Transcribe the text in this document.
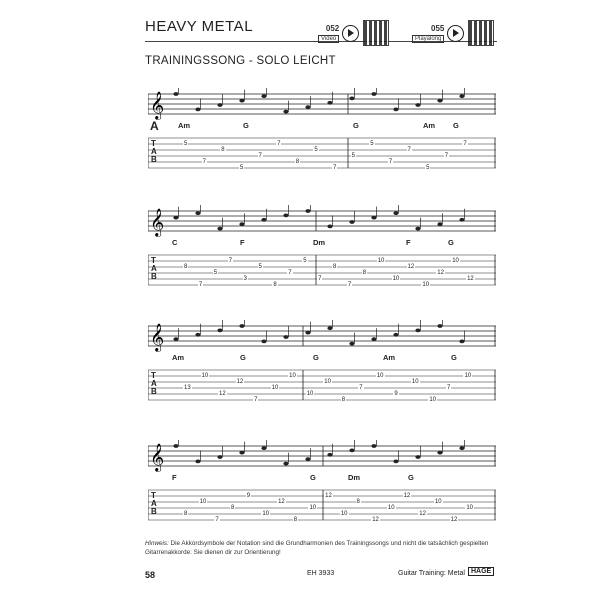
HEAVY METAL
TRAININGSSONG - SOLO LEICHT
052
Video
055
Playalong
𝄞
T
A
B
A	Am	G	G	Am G
5
7
8
5
7
7
8
5
7
5
5
7
7
5
7
7
𝄞
T
A
B
C	F	Dm	F	G
8
7
5
7
3
5
8
7
5
7
8
7
8
10
10
12
10
12
10
12
𝄞
T
A
B
Am	G	G	Am	G
13
10
12
12
7
10
10
10
10
8
7
10
9
10
10
7
10
𝄞
T
A
B
F	G	Dm	G
8
10
7
8
9
10
12
8
10
12
10
8
12
10
12
12
10
12
10
Hinweis: Die Akkordsymbole der Notation sind die Grundharmonien des Trainingssongs und nicht die tatsächlich gespielten Gitarrenakkorde: Sie dienen dir zur Orientierung!
58	EH 3933	Guitar Training: Metal HAGE
